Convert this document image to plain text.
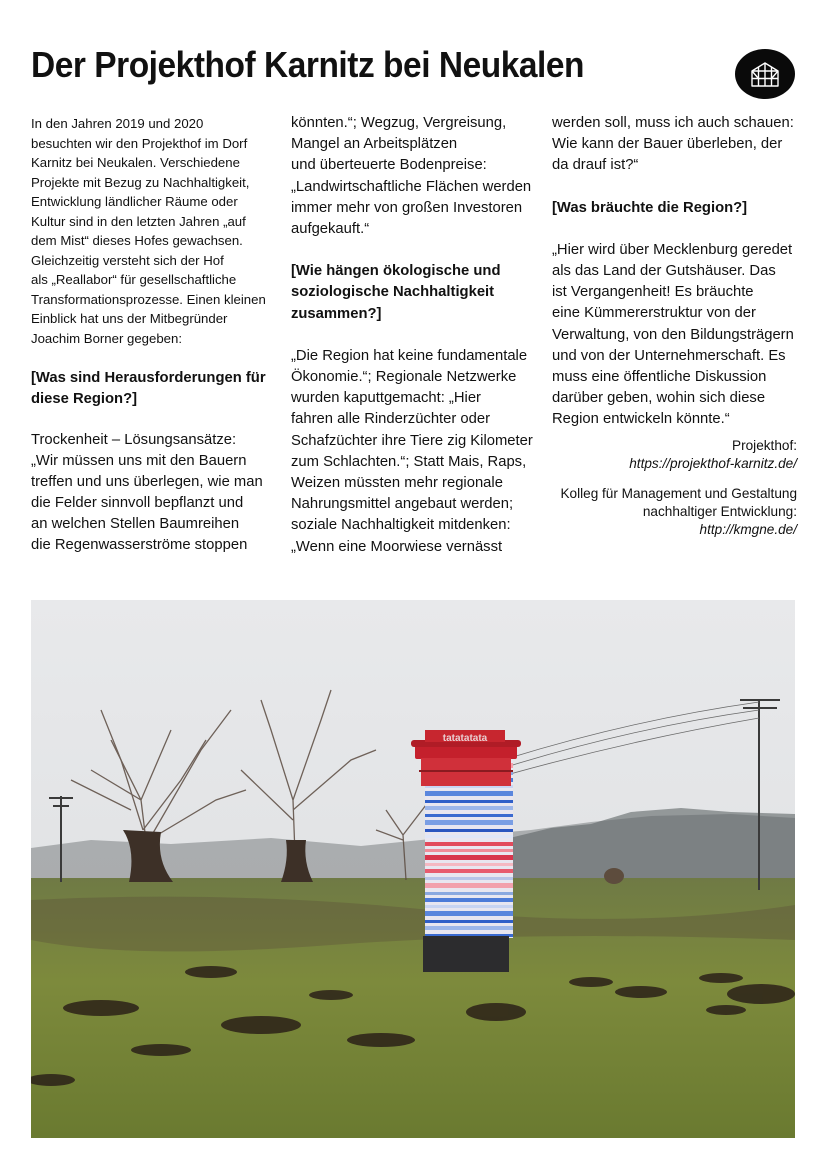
Der Projekthof Karnitz bei Neukalen

In den Jahren 2019 und 2020

besuchten wir den Projekthof im Dorf

Karnitz bei Neukalen. Verschiedene

Projekte mit Bezug zu Nachhaltigkeit,

Entwicklung ländlicher Räume oder

Kultur sind in den letzten Jahren „auf

dem Mist“ dieses Hofes gewachsen.

Gleichzeitig versteht sich der Hof

als „Reallabor“ für gesellschaftliche

Transformationsprozesse. Einen kleinen

Einblick hat uns der Mitbegründer

Joachim Borner gegeben:

[Was sind Herausforderungen für

diese Region?]

Trockenheit – Lösungsansätze:

„Wir müssen uns mit den Bauern

treffen und uns überlegen, wie man

die Felder sinnvoll bepflanzt und

an welchen Stellen Baumreihen

die Regenwasserströme stoppen

könnten.“; Wegzug, Vergreisung,

Mangel an Arbeitsplätzen

und überteuerte Bodenpreise:

„Landwirtschaftliche Flächen werden

immer mehr von großen Investoren

aufgekauft.“

[Wie hängen ökologische und

soziologische Nachhaltigkeit

zusammen?]

„Die Region hat keine fundamentale

Ökonomie.“; Regionale Netzwerke

wurden kaputtgemacht: „Hier

fahren alle Rinderzüchter oder

Schafzüchter ihre Tiere zig Kilometer

zum Schlachten.“; Statt Mais, Raps,

Weizen müssten mehr regionale

Nahrungsmittel angebaut werden;

soziale Nachhaltigkeit mitdenken:

„Wenn eine Moorwiese vernässt

werden soll, muss ich auch schauen:

Wie kann der Bauer überleben, der

da drauf ist?“

[Was bräuchte die Region?]

„Hier wird über Mecklenburg geredet

als das Land der Gutshäuser. Das

ist Vergangenheit! Es bräuchte

eine Kümmererstruktur von der

Verwaltung, von den Bildungsträgern

und von der Unternehmerschaft. Es

muss eine öffentliche Diskussion

darüber geben, wohin sich diese

Region entwickeln könnte.“

Projekthof:
https://projekthof-karnitz.de/
Kolleg für Management und Gestaltung
nachhaltiger Entwicklung:
http://kmgne.de/
tatatatata
